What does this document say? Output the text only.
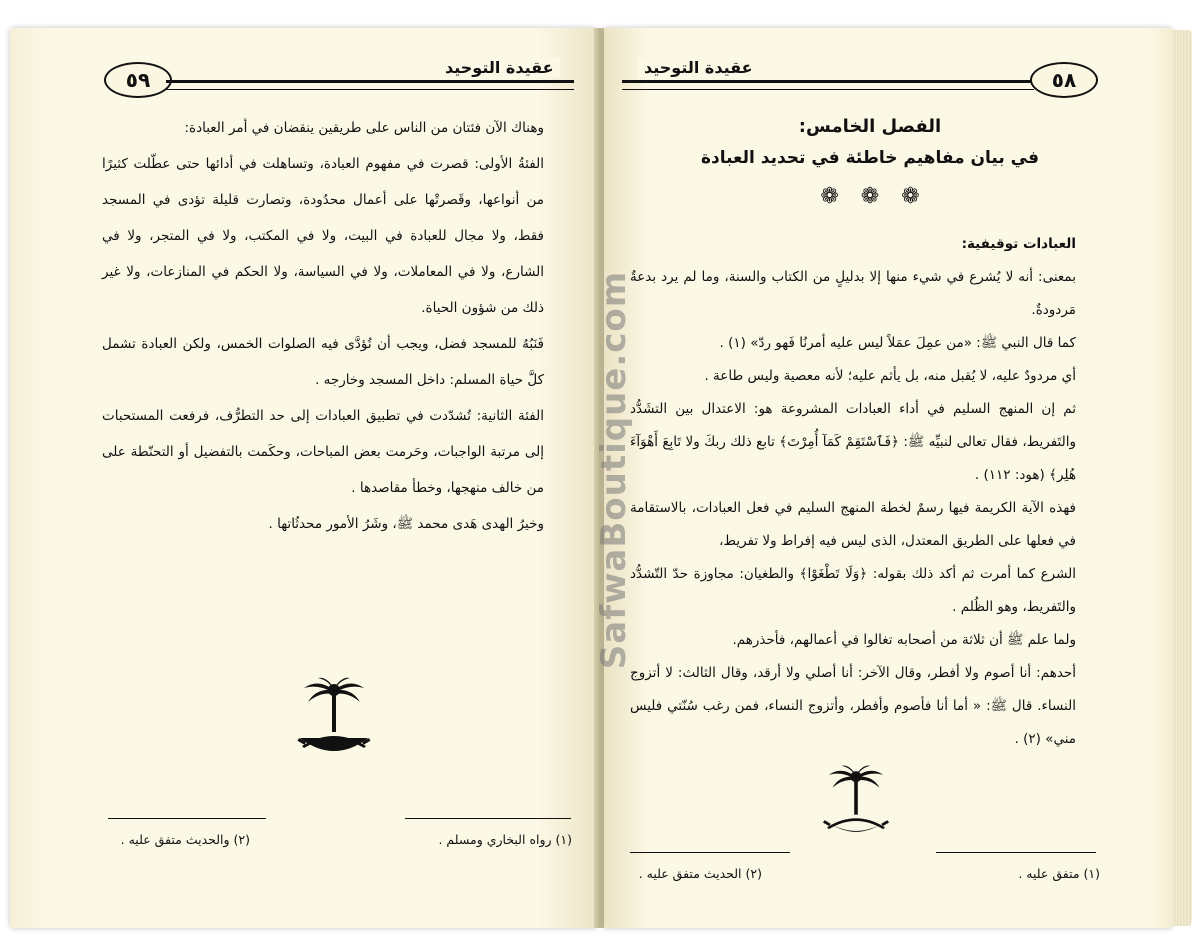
٥٩
عقيدة التوحيد

وهناك الآن فئتان من الناس على طريقين ينقضان في أمر العبادة:

الفئةُ الأولى: قصرت في مفهوم العبادة، وتساهلت في أدائها حتى عطّلت كثيرًا من أنواعها، وقَصرتْها على أعمال محدُودة، وتصارت قليلة تؤدى في المسجد فقط، ولا مجال للعبادة في البيت، ولا في المكتب، ولا في المتجر، ولا في الشارع، ولا في المعاملات، ولا في السياسة، ولا الحكم في المنازعات، ولا غير ذلك من شؤون الحياة.

فَنَبُهُ للمسجد فضل، ويجب أن تُؤدَّى فيه الصلوات الخمس، ولكن العبادة تشمل كلَّ حياة المسلم: داخل المسجد وخارجه .

الفئة الثانية: تُشدّدت في تطبيق العبادات إلى حد التطرُّف، فرفعت المستحبات إلى مرتبة الواجبات، وحَرمت بعض المباحات، وحكَمت بالتفضيل أو التحنّطة على من خالف منهجها، وخطأ مقاصدها .

وخيرُ الهدى هَدى محمد ﷺ، وشَرُ الأمور محدثُاتها .

(١) رواه البخاري ومسلم .
(٢) والحديث متفق عليه .
عقيدة التوحيد
٥٨
الفصل الخامس:
في بيان مفاهيم خاطئة في تحديد العبادة
❁ ❁ ❁

العبادات توقيفية:

بمعنى: أنه لا يُشرع في شيء منها إلا بدليلٍ من الكتاب والسنة، وما لم يرد بدعةٌ مَردودةٌ.

كما قال النبي ﷺ: «من عمِلَ عمَلاً ليس عليه أمرنُا فَهو ردّ» (١) .

أي مردودٌ عليه، لا يُقبل منه، بل يأثم عليه؛ لأنه معصية وليس طاعة .

ثم إن المنهج السليم في أداء العبادات المشروعة هو: الاعتدال بين التشَدُّد والتَفريط، فقال تعالى لنبيِّه ﷺ: ﴿فَٱسْتَقِمْ كَمَآ أُمِرْتَ﴾ تابع ذلك ربكَ ولا تَابِعَ أَهْوَآءَ هُلِر﴾ (هود: ١١٢) .

فهذه الآية الكريمة فيها رسمٌ لخطة المنهج السليم في فعل العبادات، بالاستقامة في فعلها على الطريق المعتدل، الذى ليس فيه إفراط ولا تفريط،

الشرع كما أمرت ثم أكد ذلك بقوله: ﴿وَلَا تَطْغَوْا﴾ والطغيان: مجاوزة حدّ التّشدُّد والتَفريط، وهو الظُلم .

ولما علم ﷺ أن ثلاثة من أصحابه تغالوا في أعمالهم، فأحذرهم.

أحدهم: أنا أصوم ولا أفطر، وقال الآخر: أنا أصلي ولا أرقد، وقال الثالث: لا أتزوج النساء. قال ﷺ: « أما أنا فأصوم وأفطر، وأتزوج النساء، فمن رغب سُنّتي فليس مني» (٢) .

(١) متفق عليه .
(٢) الحديث متفق عليه .
SafwaBoutique.com
